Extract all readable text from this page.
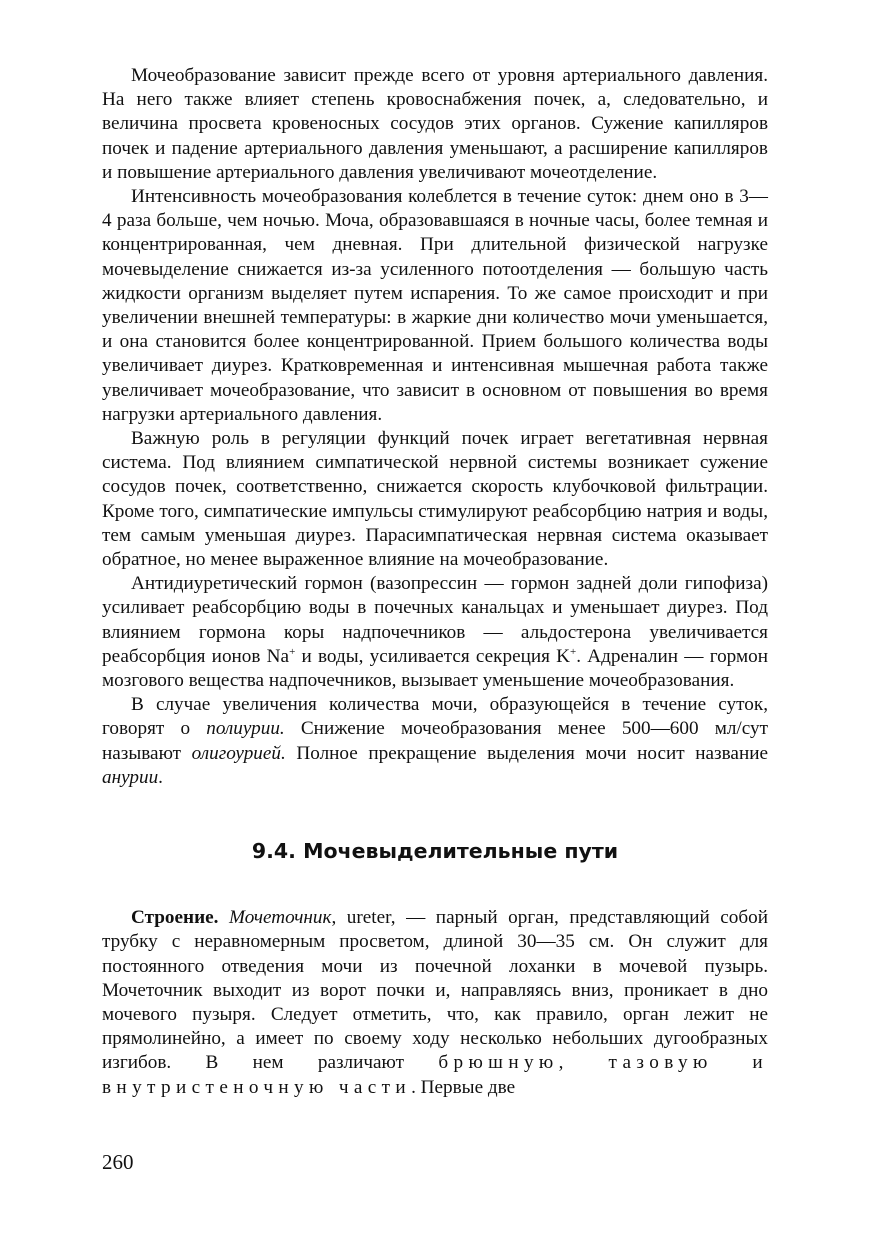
Мочеобразование зависит прежде всего от уровня артериального давления. На него также влияет степень кровоснабжения почек, а, следовательно, и величина просвета кровеносных сосудов этих органов. Сужение капилляров почек и падение артериального давления уменьшают, а расширение капилляров и повышение артериального давления увеличивают мочеотделение.

Интенсивность мочеобразования колеблется в течение суток: днем оно в 3—4 раза больше, чем ночью. Моча, образовавшаяся в ночные часы, более темная и концентрированная, чем дневная. При длительной физической нагрузке мочевыделение снижается из-за усиленного потоотделения — большую часть жидкости организм выделяет путем испарения. То же самое происходит и при увеличении внешней температуры: в жаркие дни количество мочи уменьшается, и она становится более концентрированной. Прием большого количества воды увеличивает диурез. Кратковременная и интенсивная мышечная работа также увеличивает мочеобразование, что зависит в основном от повышения во время нагрузки артериального давления.

Важную роль в регуляции функций почек играет вегетативная нервная система. Под влиянием симпатической нервной системы возникает сужение сосудов почек, соответственно, снижается скорость клубочковой фильтрации. Кроме того, симпатические импульсы стимулируют реабсорбцию натрия и воды, тем самым уменьшая диурез. Парасимпатическая нервная система оказывает обратное, но менее выраженное влияние на мочеобразование.

Антидиуретический гормон (вазопрессин — гормон задней доли гипофиза) усиливает реабсорбцию воды в почечных канальцах и уменьшает диурез. Под влиянием гормона коры надпочечников — альдостерона увеличивается реабсорбция ионов Na+ и воды, усиливается секреция K+. Адреналин — гормон мозгового вещества надпочечников, вызывает уменьшение мочеобразования.

В случае увеличения количества мочи, образующейся в течение суток, говорят о полиурии. Снижение мочеобразования менее 500—600 мл/сут называют олигоурией. Полное прекращение выделения мочи носит название анурии.

9.4. Мочевыделительные пути

Строение. Мочеточник, ureter, — парный орган, представляющий собой трубку с неравномерным просветом, длиной 30—35 см. Он служит для постоянного отведения мочи из почечной лоханки в мочевой пузырь. Мочеточник выходит из ворот почки и, направляясь вниз, проникает в дно мочевого пузыря. Следует отметить, что, как правило, орган лежит не прямолинейно, а имеет по своему ходу несколько небольших дугообразных изгибов. В нем различают брюшную, тазовую и внутристеночную части. Первые две

260
